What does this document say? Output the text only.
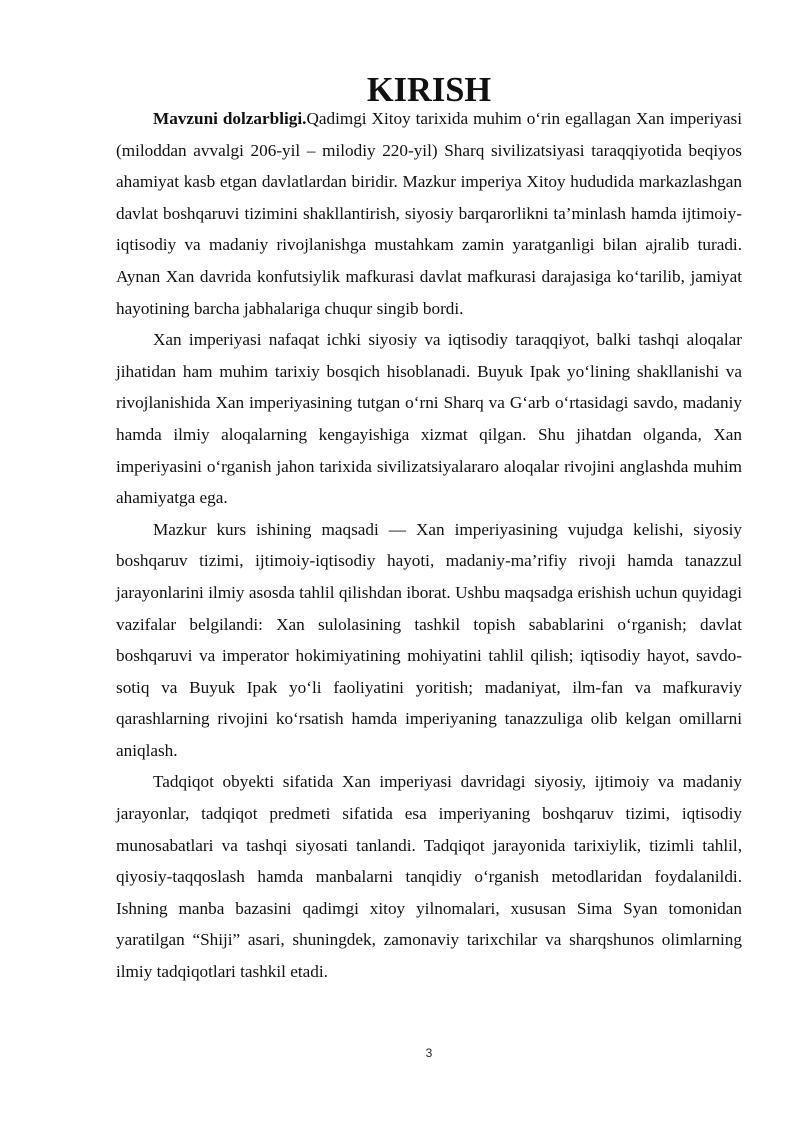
KIRISH

Mavzuni dolzarbligi.Qadimgi Xitoy tarixida muhim o‘rin egallagan Xan imperiyasi (miloddan avvalgi 206-yil – milodiy 220-yil) Sharq sivilizatsiyasi taraqqiyotida beqiyos ahamiyat kasb etgan davlatlardan biridir. Mazkur imperiya Xitoy hududida markazlashgan davlat boshqaruvi tizimini shakllantirish, siyosiy barqarorlikni ta’minlash hamda ijtimoiy-iqtisodiy va madaniy rivojlanishga mustahkam zamin yaratganligi bilan ajralib turadi. Aynan Xan davrida konfutsiylik mafkurasi davlat mafkurasi darajasiga ko‘tarilib, jamiyat hayotining barcha jabhalariga chuqur singib bordi.

Xan imperiyasi nafaqat ichki siyosiy va iqtisodiy taraqqiyot, balki tashqi aloqalar jihatidan ham muhim tarixiy bosqich hisoblanadi. Buyuk Ipak yo‘lining shakllanishi va rivojlanishida Xan imperiyasining tutgan o‘rni Sharq va G‘arb o‘rtasidagi savdo, madaniy hamda ilmiy aloqalarning kengayishiga xizmat qilgan. Shu jihatdan olganda, Xan imperiyasini o‘rganish jahon tarixida sivilizatsiyalararo aloqalar rivojini anglashda muhim ahamiyatga ega.

Mazkur kurs ishining maqsadi — Xan imperiyasining vujudga kelishi, siyosiy boshqaruv tizimi, ijtimoiy-iqtisodiy hayoti, madaniy-ma’rifiy rivoji hamda tanazzul jarayonlarini ilmiy asosda tahlil qilishdan iborat. Ushbu maqsadga erishish uchun quyidagi vazifalar belgilandi: Xan sulolasining tashkil topish sabablarini o‘rganish; davlat boshqaruvi va imperator hokimiyatining mohiyatini tahlil qilish; iqtisodiy hayot, savdo-sotiq va Buyuk Ipak yo‘li faoliyatini yoritish; madaniyat, ilm-fan va mafkuraviy qarashlarning rivojini ko‘rsatish hamda imperiyaning tanazzuliga olib kelgan omillarni aniqlash.

Tadqiqot obyekti sifatida Xan imperiyasi davridagi siyosiy, ijtimoiy va madaniy jarayonlar, tadqiqot predmeti sifatida esa imperiyaning boshqaruv tizimi, iqtisodiy munosabatlari va tashqi siyosati tanlandi. Tadqiqot jarayonida tarixiylik, tizimli tahlil, qiyosiy-taqqoslash hamda manbalarni tanqidiy o‘rganish metodlaridan foydalanildi. Ishning manba bazasini qadimgi xitoy yilnomalari, xususan Sima Syan tomonidan yaratilgan “Shiji” asari, shuningdek, zamonaviy tarixchilar va sharqshunos olimlarning ilmiy tadqiqotlari tashkil etadi.

3
